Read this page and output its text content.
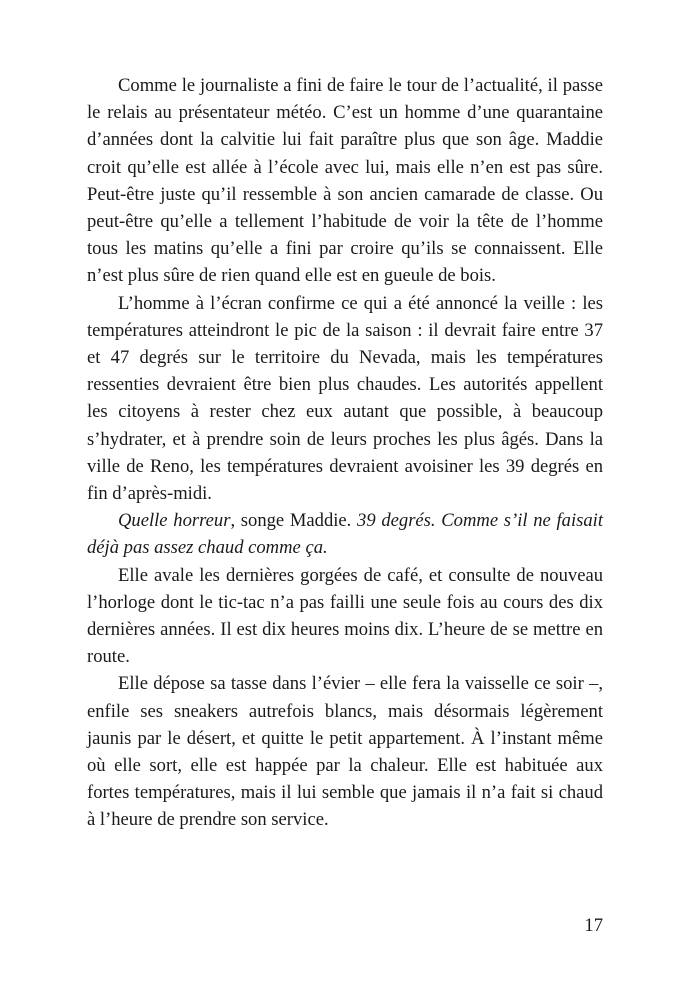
Comme le journaliste a fini de faire le tour de l’actualité, il passe le relais au présentateur météo. C’est un homme d’une quarantaine d’années dont la calvitie lui fait paraître plus que son âge. Maddie croit qu’elle est allée à l’école avec lui, mais elle n’en est pas sûre. Peut-être juste qu’il ressemble à son ancien camarade de classe. Ou peut-être qu’elle a tellement l’habitude de voir la tête de l’homme tous les matins qu’elle a fini par croire qu’ils se connaissent. Elle n’est plus sûre de rien quand elle est en gueule de bois.

L’homme à l’écran confirme ce qui a été annoncé la veille : les températures atteindront le pic de la saison : il devrait faire entre 37 et 47 degrés sur le territoire du Nevada, mais les températures ressenties devraient être bien plus chaudes. Les autorités appellent les citoyens à rester chez eux autant que possible, à beaucoup s’hydrater, et à prendre soin de leurs proches les plus âgés. Dans la ville de Reno, les températures devraient avoisiner les 39 degrés en fin d’après-midi.

Quelle horreur, songe Maddie. 39 degrés. Comme s’il ne faisait déjà pas assez chaud comme ça.

Elle avale les dernières gorgées de café, et consulte de nouveau l’horloge dont le tic-tac n’a pas failli une seule fois au cours des dix dernières années. Il est dix heures moins dix. L’heure de se mettre en route.

Elle dépose sa tasse dans l’évier – elle fera la vaisselle ce soir –, enfile ses sneakers autrefois blancs, mais désormais légèrement jaunis par le désert, et quitte le petit appartement. À l’instant même où elle sort, elle est happée par la chaleur. Elle est habituée aux fortes températures, mais il lui semble que jamais il n’a fait si chaud à l’heure de prendre son service.

17
